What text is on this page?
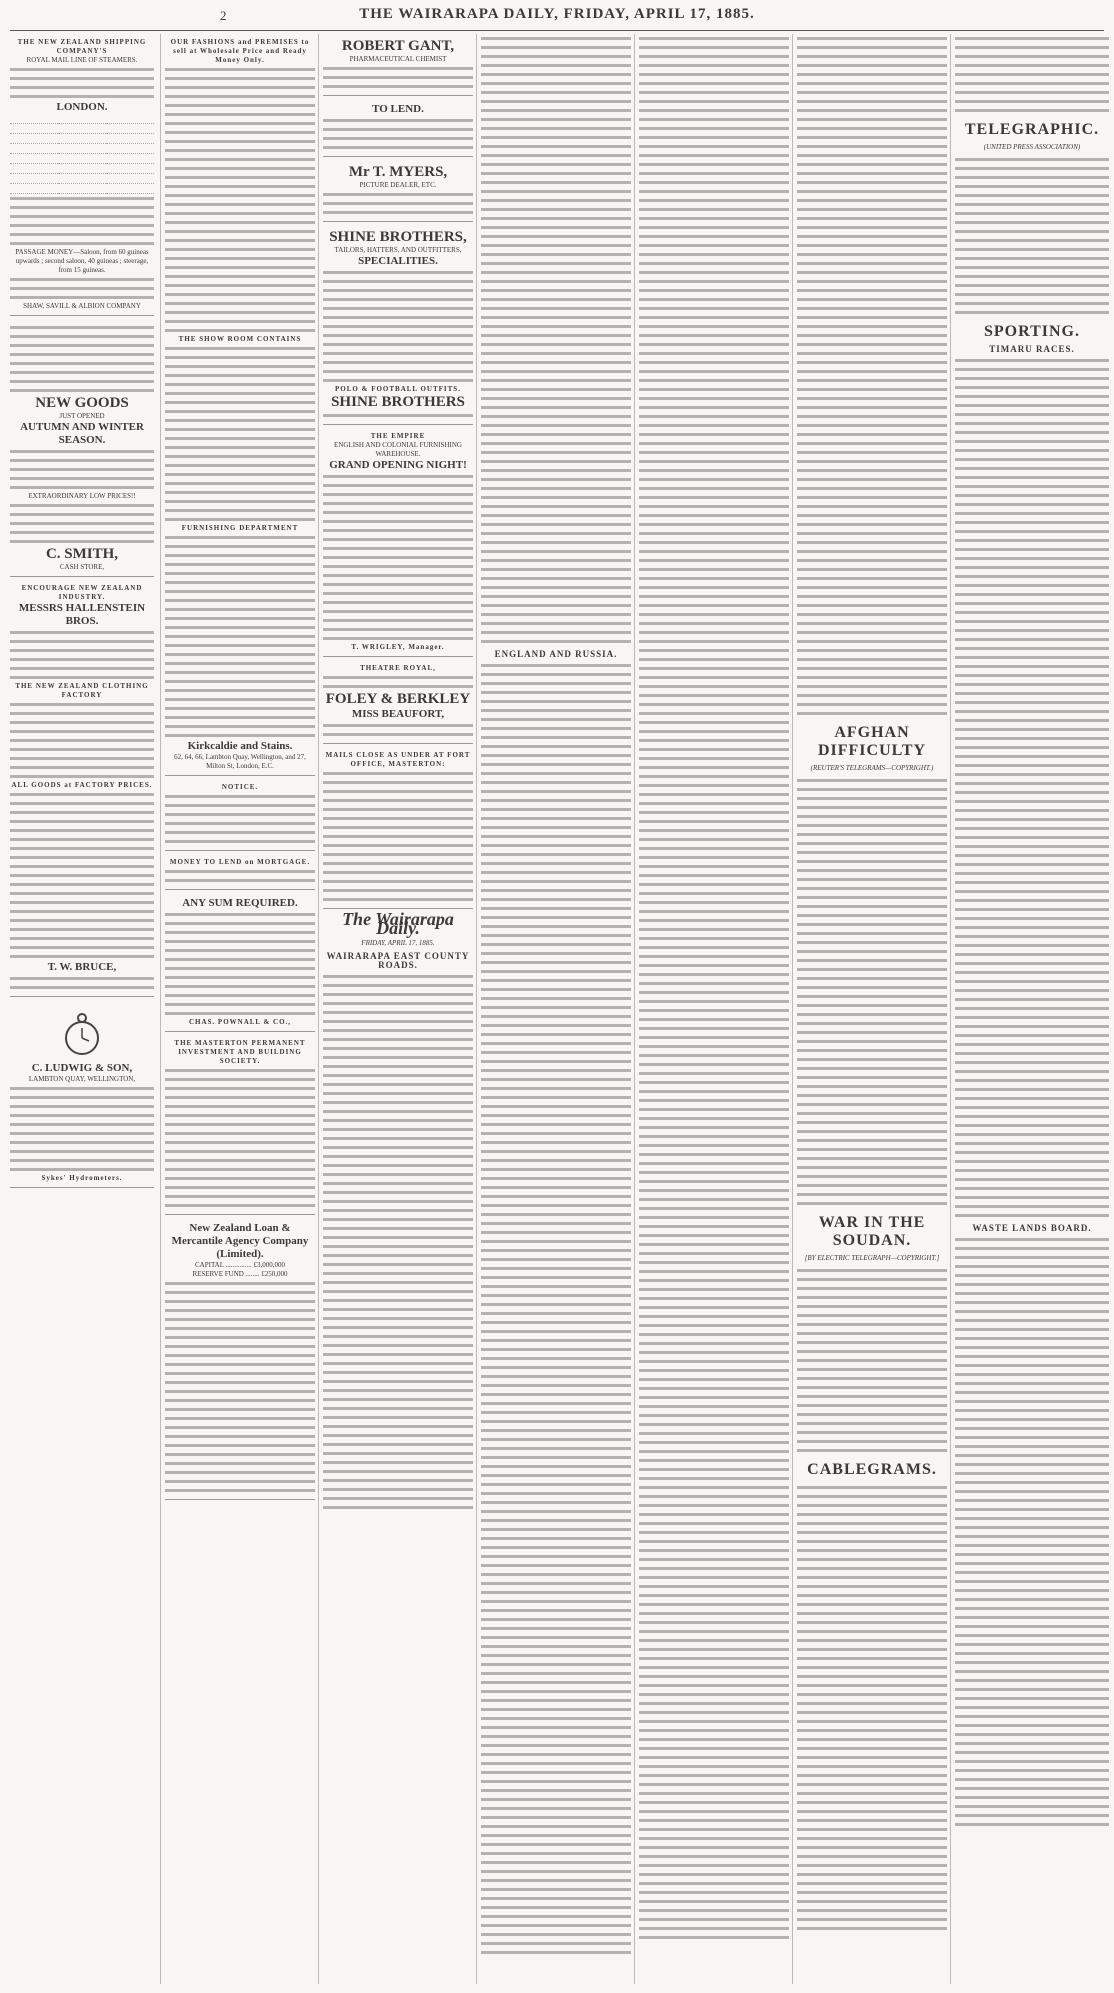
2	THE WAIRARAPA DAILY, FRIDAY, APRIL 17, 1885.
THE NEW ZEALAND SHIPPING COMPANY'S
ROYAL MAIL LINE OF STEAMERS.
LONDON.

PASSAGE MONEY—Saloon, from 60 guineas upwards ; second saloon, 40 guineas ; steerage, from 15 guineas.
SHAW, SAVILL & ALBION COMPANY
NEW GOODS
JUST OPENED
AUTUMN AND WINTER SEASON.
EXTRAORDINARY LOW PRICES!!
C. SMITH,
CASH STORE,
ENCOURAGE NEW ZEALAND INDUSTRY.
MESSRS HALLENSTEIN BROS.
THE NEW ZEALAND CLOTHING FACTORY
ALL GOODS at FACTORY PRICES.
T. W. BRUCE,
C. LUDWIG & SON,
LAMBTON QUAY, WELLINGTON,
Sykes' Hydrometers.
OUR FASHIONS and PREMISES to sell at Wholesale Price and Ready Money Only.
THE SHOW ROOM CONTAINS
FURNISHING DEPARTMENT
Kirkcaldie and Stains.
62, 64, 66, Lambton Quay, Wellington, and 27, Milton St, London, E.C.
NOTICE.
MONEY TO LEND on MORTGAGE.
ANY SUM REQUIRED.
CHAS. POWNALL & CO.,
THE MASTERTON PERMANENT INVESTMENT AND BUILDING SOCIETY.
New Zealand Loan & Mercantile Agency Company (Limited).
CAPITAL ............... £3,000,000
RESERVE FUND ........ £250,000
ROBERT GANT,
PHARMACEUTICAL CHEMIST
TO LEND.
Mr T. MYERS,
PICTURE DEALER, ETC.
SHINE BROTHERS,
TAILORS, HATTERS, AND OUTFITTERS,
SPECIALITIES.
POLO & FOOTBALL OUTFITS.
SHINE BROTHERS
THE EMPIRE
ENGLISH AND COLONIAL FURNISHING WAREHOUSE.
GRAND OPENING NIGHT!
T. WRIGLEY, Manager.
THEATRE ROYAL,
FOLEY & BERKLEY
MISS BEAUFORT,
MAILS CLOSE AS UNDER AT FORT OFFICE, MASTERTON:
The Wairarapa Daily.
FRIDAY, APRIL 17, 1885.
WAIRARAPA EAST COUNTY ROADS.
ENGLAND AND RUSSIA.
AFGHAN DIFFICULTY
(REUTER'S TELEGRAMS—COPYRIGHT.)
WAR IN THE SOUDAN.
[BY ELECTRIC TELEGRAPH—COPYRIGHT.]
CABLEGRAMS.
TELEGRAPHIC.
(UNITED PRESS ASSOCIATION)
SPORTING.
TIMARU RACES.
WASTE LANDS BOARD.
